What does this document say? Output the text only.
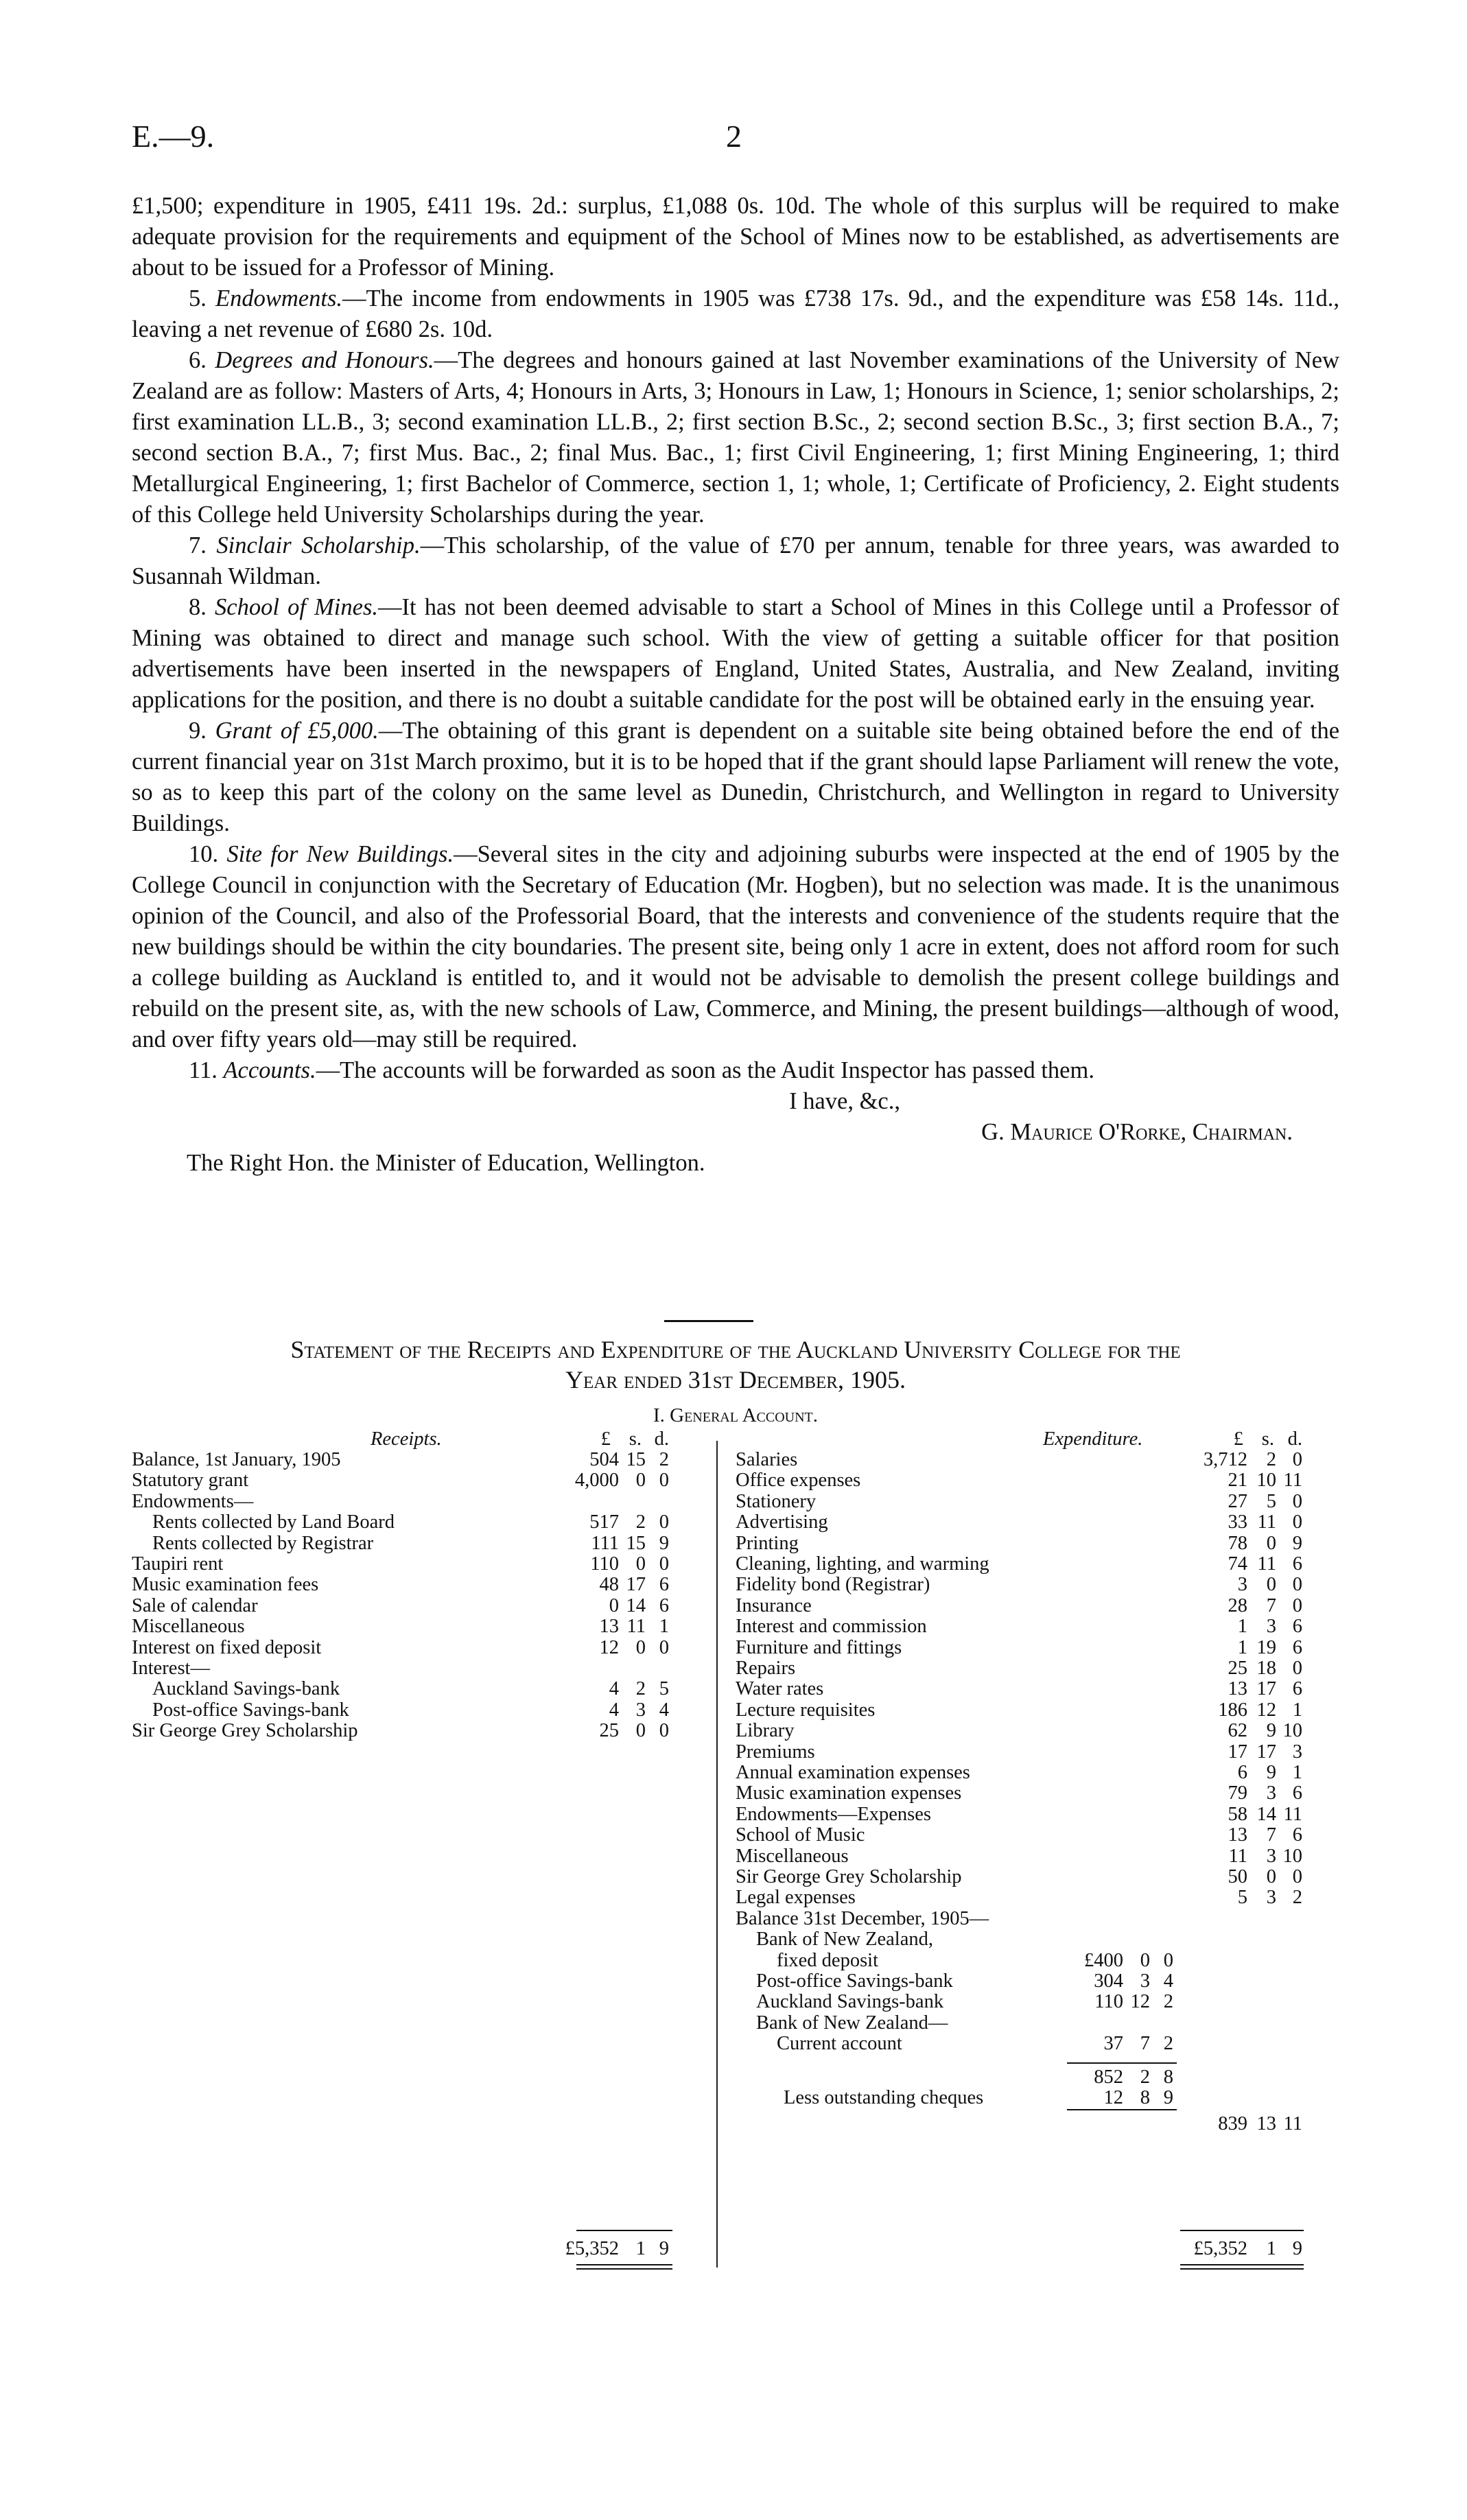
E.—9.	2

£1,500; expenditure in 1905, £411 19s. 2d.: surplus, £1,088 0s. 10d. The whole of this surplus will be required to make adequate provision for the requirements and equipment of the School of Mines now to be established, as advertisements are about to be issued for a Professor of Mining.

5. Endowments.—The income from endowments in 1905 was £738 17s. 9d., and the expenditure was £58 14s. 11d., leaving a net revenue of £680 2s. 10d.

6. Degrees and Honours.—The degrees and honours gained at last November examinations of the University of New Zealand are as follow: Masters of Arts, 4; Honours in Arts, 3; Honours in Law, 1; Honours in Science, 1; senior scholarships, 2; first examination LL.B., 3; second examination LL.B., 2; first section B.Sc., 2; second section B.Sc., 3; first section B.A., 7; second section B.A., 7; first Mus. Bac., 2; final Mus. Bac., 1; first Civil Engineering, 1; first Mining Engineering, 1; third Metallurgical Engineering, 1; first Bachelor of Commerce, section 1, 1; whole, 1; Certificate of Proficiency, 2. Eight students of this College held University Scholarships during the year.

7. Sinclair Scholarship.—This scholarship, of the value of £70 per annum, tenable for three years, was awarded to Susannah Wildman.

8. School of Mines.—It has not been deemed advisable to start a School of Mines in this College until a Professor of Mining was obtained to direct and manage such school. With the view of getting a suitable officer for that position advertisements have been inserted in the newspapers of England, United States, Australia, and New Zealand, inviting applications for the position, and there is no doubt a suitable candidate for the post will be obtained early in the ensuing year.

9. Grant of £5,000.—The obtaining of this grant is dependent on a suitable site being obtained before the end of the current financial year on 31st March proximo, but it is to be hoped that if the grant should lapse Parliament will renew the vote, so as to keep this part of the colony on the same level as Dunedin, Christchurch, and Wellington in regard to University Buildings.

10. Site for New Buildings.—Several sites in the city and adjoining suburbs were inspected at the end of 1905 by the College Council in conjunction with the Secretary of Education (Mr. Hogben), but no selection was made. It is the unanimous opinion of the Council, and also of the Professorial Board, that the interests and convenience of the students require that the new buildings should be within the city boundaries. The present site, being only 1 acre in extent, does not afford room for such a college building as Auckland is entitled to, and it would not be advisable to demolish the present college buildings and rebuild on the present site, as, with the new schools of Law, Commerce, and Mining, the present buildings—although of wood, and over fifty years old—may still be required.

11. Accounts.—The accounts will be forwarded as soon as the Audit Inspector has passed them.

I have, &c.,

G. Maurice O'Rorke, Chairman.

The Right Hon. the Minister of Education, Wellington.

Statement of the Receipts and Expenditure of the Auckland University College for the
Year ended 31st December, 1905.
I. General Account.
Receipts.	£ s. d.
Balance, 1st January, 1905	504 15 2
Statutory grant	4,000 0 0
Endowments—
Rents collected by Land Board	517 2 0
Rents collected by Registrar	111 15 9
Taupiri rent	110 0 0
Music examination fees	48 17 6
Sale of calendar	0 14 6
Miscellaneous	13 11 1
Interest on fixed deposit	12 0 0
Interest—
Auckland Savings-bank	4 2 5
Post-office Savings-bank	4 3 4
Sir George Grey Scholarship	25 0 0
£5,352 1 9
Expenditure.	£ s. d.
Salaries	3,712 2 0
Office expenses	21 10 11
Stationery	27 5 0
Advertising	33 11 0
Printing	78 0 9
Cleaning, lighting, and warming	74 11 6
Fidelity bond (Registrar)	3 0 0
Insurance	28 7 0
Interest and commission	1 3 6
Furniture and fittings	1 19 6
Repairs	25 18 0
Water rates	13 17 6
Lecture requisites	186 12 1
Library	62 9 10
Premiums	17 17 3
Annual examination expenses	6 9 1
Music examination expenses	79 3 6
Endowments—Expenses	58 14 11
School of Music	13 7 6
Miscellaneous	11 3 10
Sir George Grey Scholarship	50 0 0
Legal expenses	5 3 2
Balance 31st December, 1905—
Bank of New Zealand,
fixed deposit	£400 0 0
Post-office Savings-bank	304 3 4
Auckland Savings-bank	110 12 2
Bank of New Zealand—
Current account	37 7 2
852 2 8
Less outstanding cheques	12 8 9
839 13 11
£5,352 1 9
